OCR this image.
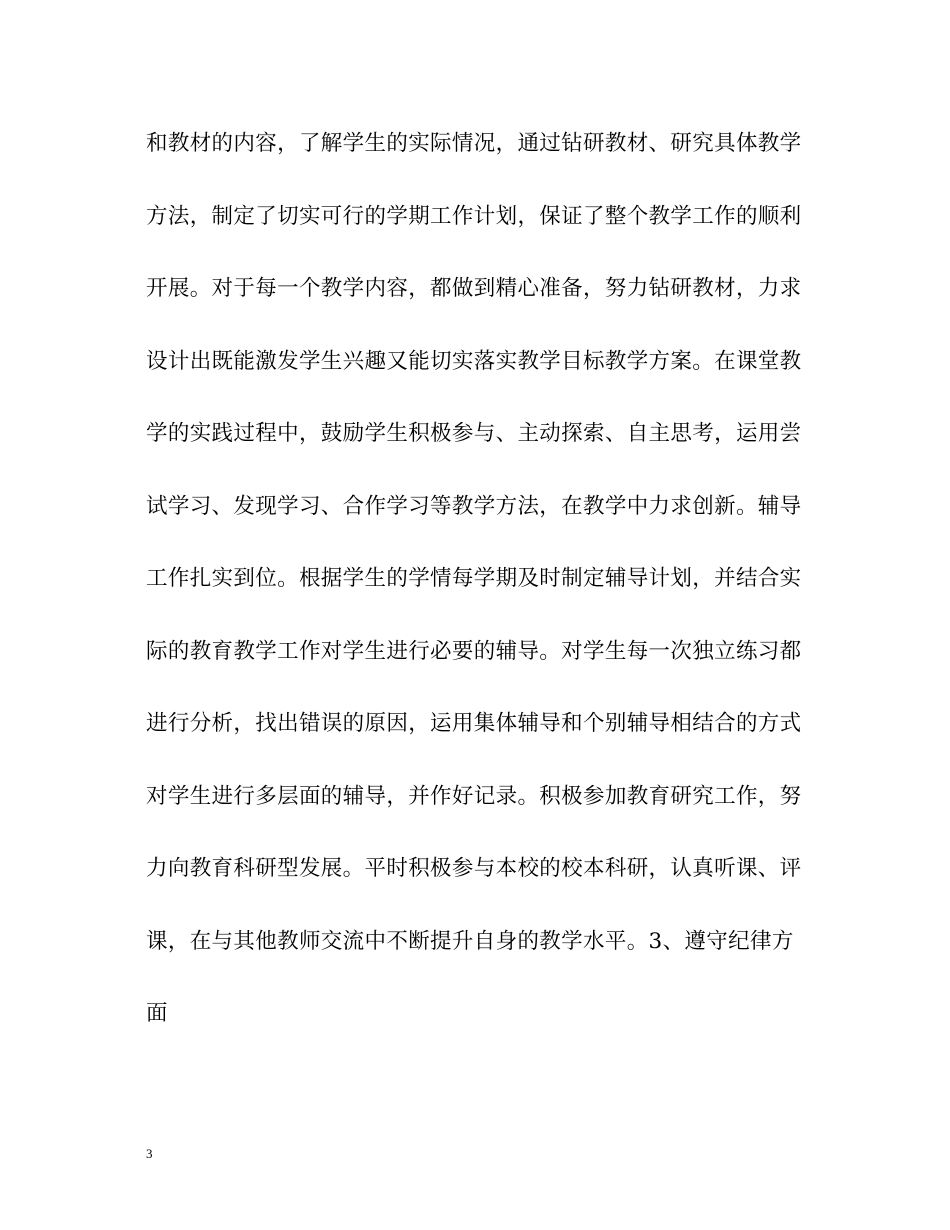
和教材的内容，了解学生的实际情况，通过钻研教材、研究具体教学
方法，制定了切实可行的学期工作计划，保证了整个教学工作的顺利
开展。对于每一个教学内容，都做到精心准备，努力钻研教材，力求
设计出既能激发学生兴趣又能切实落实教学目标教学方案。在课堂教
学的实践过程中，鼓励学生积极参与、主动探索、自主思考，运用尝
试学习、发现学习、合作学习等教学方法，在教学中力求创新。辅导
工作扎实到位。根据学生的学情每学期及时制定辅导计划，并结合实
际的教育教学工作对学生进行必要的辅导。对学生每一次独立练习都
进行分析，找出错误的原因，运用集体辅导和个别辅导相结合的方式
对学生进行多层面的辅导，并作好记录。积极参加教育研究工作，努
力向教育科研型发展。平时积极参与本校的校本科研，认真听课、评
课，在与其他教师交流中不断提升自身的教学水平。3、遵守纪律方
面
3
